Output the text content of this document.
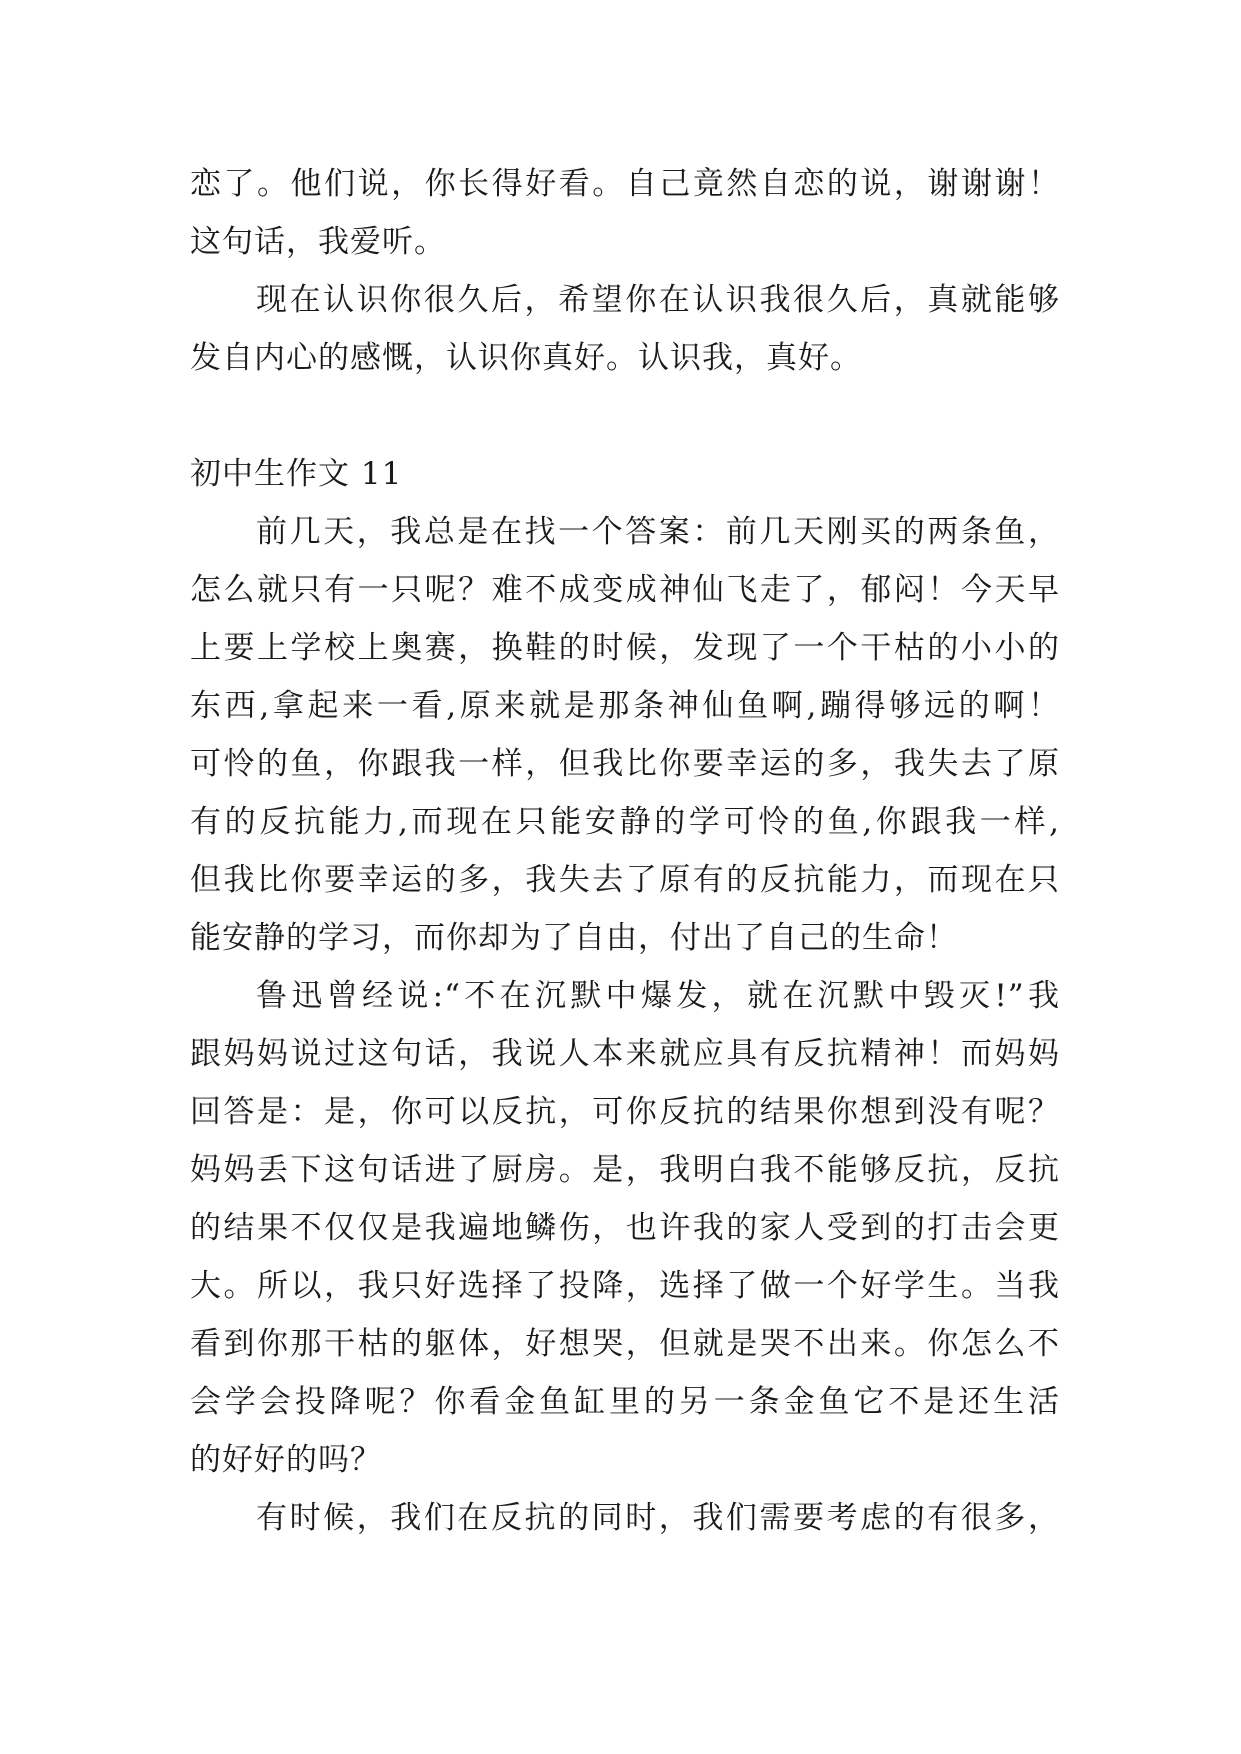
恋了。他们说，你长得好看。自己竟然自恋的说，谢谢谢！
这句话，我爱听。
现在认识你很久后，希望你在认识我很久后，真就能够
发自内心的感慨，认识你真好。认识我，真好。
初中生作文 11
前几天，我总是在找一个答案：前几天刚买的两条鱼，
怎么就只有一只呢？难不成变成神仙飞走了，郁闷！今天早
上要上学校上奥赛，换鞋的时候，发现了一个干枯的小小的
东西,拿起来一看,原来就是那条神仙鱼啊,蹦得够远的啊！
可怜的鱼，你跟我一样，但我比你要幸运的多，我失去了原
有的反抗能力,而现在只能安静的学可怜的鱼,你跟我一样,
但我比你要幸运的多，我失去了原有的反抗能力，而现在只
能安静的学习，而你却为了自由，付出了自己的生命！
鲁迅曾经说:“不在沉默中爆发，就在沉默中毁灭!”我
跟妈妈说过这句话，我说人本来就应具有反抗精神！而妈妈
回答是：是，你可以反抗，可你反抗的结果你想到没有呢？
妈妈丢下这句话进了厨房。是，我明白我不能够反抗，反抗
的结果不仅仅是我遍地鳞伤，也许我的家人受到的打击会更
大。所以，我只好选择了投降，选择了做一个好学生。当我
看到你那干枯的躯体，好想哭，但就是哭不出来。你怎么不
会学会投降呢？你看金鱼缸里的另一条金鱼它不是还生活
的好好的吗？
有时候，我们在反抗的同时，我们需要考虑的有很多，
